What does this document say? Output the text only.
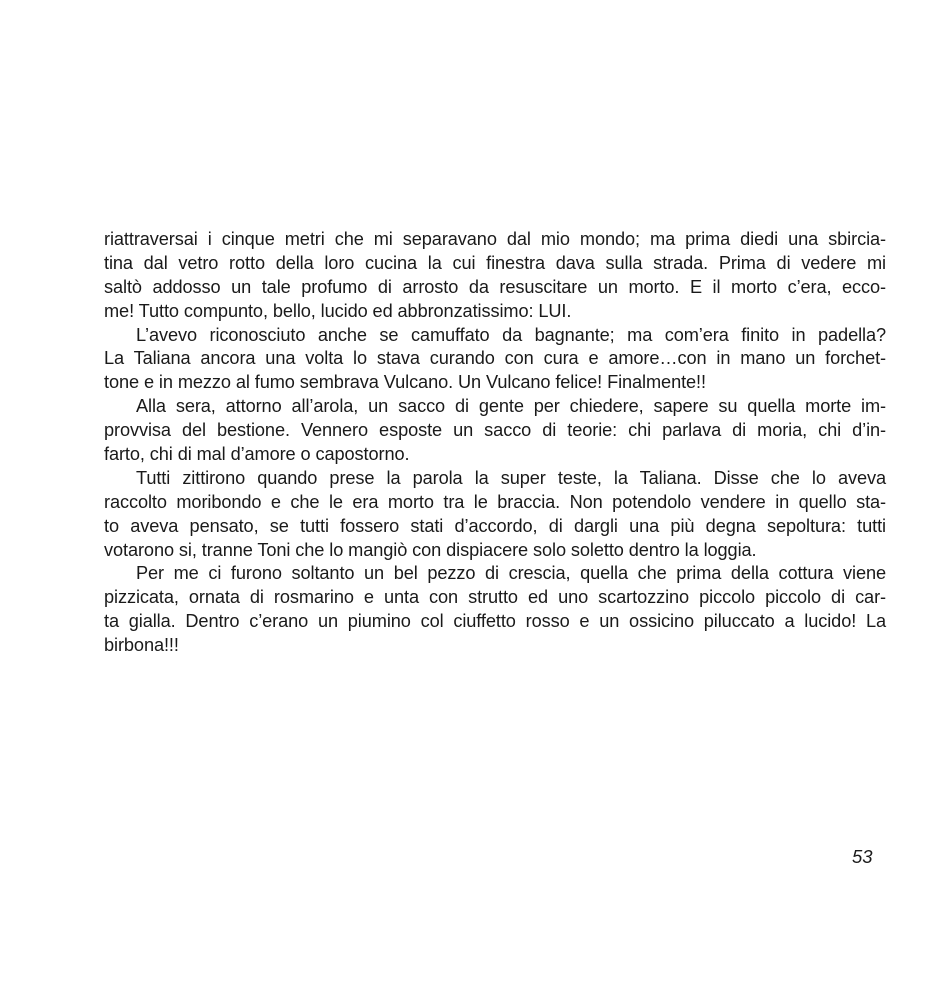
riattraversai i cinque metri che mi separavano dal mio mondo; ma prima diedi una sbircia-
tina dal vetro rotto della loro cucina la cui finestra dava sulla strada. Prima di vedere mi
saltò addosso un tale profumo di arrosto da resuscitare un morto. E il morto c’era, ecco-
me! Tutto compunto, bello, lucido ed abbronzatissimo: LUI.
L’avevo riconosciuto anche se camuffato da bagnante; ma com’era finito in padella?
La Taliana ancora una volta lo stava curando con cura e amore…con in mano un forchet-
tone e in mezzo al fumo sembrava Vulcano. Un Vulcano felice! Finalmente!!
Alla sera, attorno all’arola, un sacco di gente per chiedere, sapere su quella morte im-
provvisa del bestione. Vennero esposte un sacco di teorie: chi parlava di moria, chi d’in-
farto, chi di mal d’amore o capostorno.
Tutti zittirono quando prese la parola la super teste, la Taliana. Disse che lo aveva
raccolto moribondo e che le era morto tra le braccia. Non potendolo vendere in quello sta-
to aveva pensato, se tutti fossero stati d’accordo, di dargli una più degna sepoltura: tutti
votarono si, tranne Toni che lo mangiò con dispiacere solo soletto dentro la loggia.
Per me ci furono soltanto un bel pezzo di crescia, quella che prima della cottura viene
pizzicata, ornata di rosmarino e unta con strutto ed uno scartozzino piccolo piccolo di car-
ta gialla. Dentro c’erano un piumino col ciuffetto rosso e un ossicino piluccato a lucido! La
birbona!!!
53
